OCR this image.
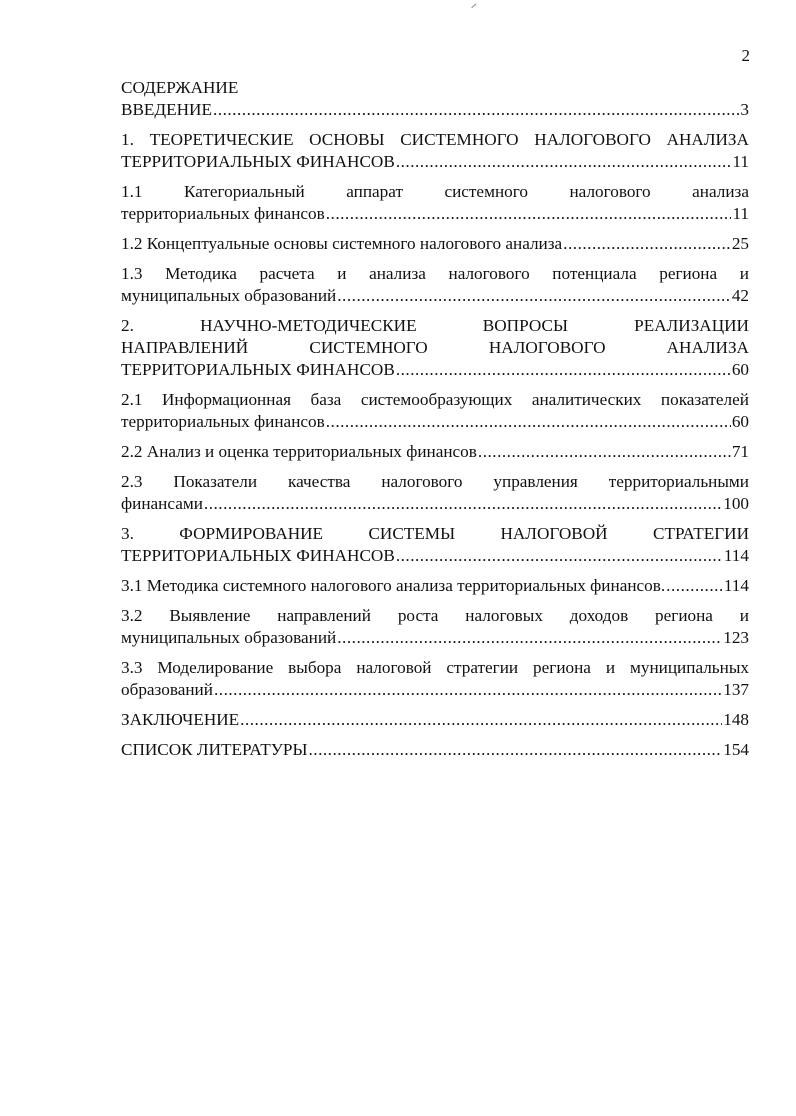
2
СОДЕРЖАНИЕ
ВВЕДЕНИЕ .....	3
1. ТЕОРЕТИЧЕСКИЕ ОСНОВЫ СИСТЕМНОГО НАЛОГОВОГО АНАЛИЗА
ТЕРРИТОРИАЛЬНЫХ ФИНАНСОВ .....	11
1.1 Категориальный аппарат системного налогового анализа
территориальных финансов .....	11
1.2 Концептуальные основы системного налогового анализа .....	25
1.3 Методика расчета и анализа налогового потенциала региона и
муниципальных образований .....	42
2.	НАУЧНО-МЕТОДИЧЕСКИЕ	ВОПРОСЫ	РЕАЛИЗАЦИИ
НАПРАВЛЕНИЙ	СИСТЕМНОГО	НАЛОГОВОГО	АНАЛИЗА
ТЕРРИТОРИАЛЬНЫХ ФИНАНСОВ .....	60
2.1 Информационная база системообразующих аналитических показателей
территориальных финансов .....	60
2.2 Анализ и оценка территориальных финансов .....	71
2.3 Показатели качества налогового управления территориальными
финансами .....	100
3.	ФОРМИРОВАНИЕ	СИСТЕМЫ	НАЛОГОВОЙ	СТРАТЕГИИ
ТЕРРИТОРИАЛЬНЫХ ФИНАНСОВ .....	114
3.1 Методика системного налогового анализа территориальных финансов. .....	114
3.2 Выявление направлений роста налоговых доходов региона и
муниципальных образований .....	123
3.3 Моделирование выбора налоговой стратегии региона и муниципальных
образований .....	137
ЗАКЛЮЧЕНИЕ .....	148
СПИСОК ЛИТЕРАТУРЫ .....	154
